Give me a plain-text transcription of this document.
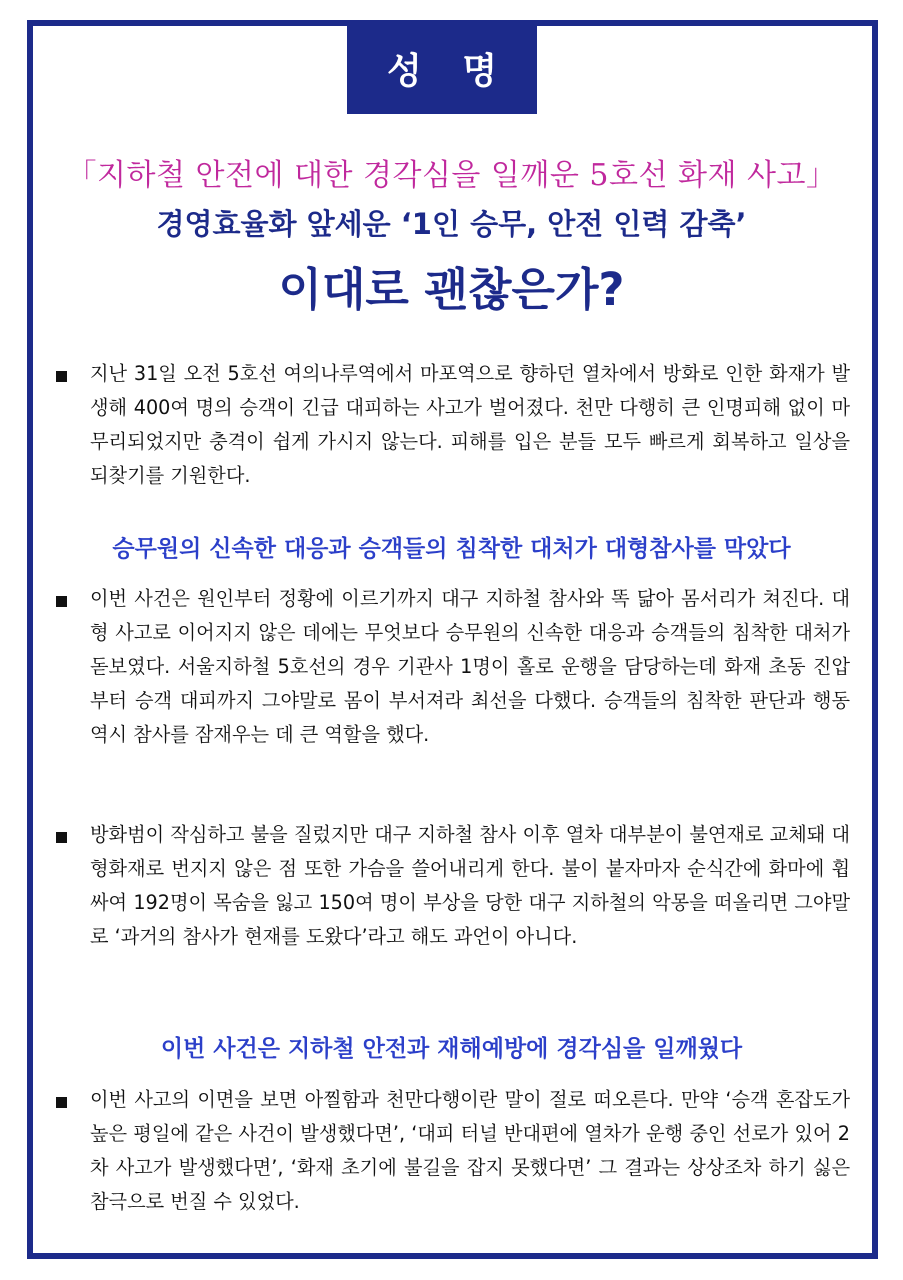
성 명
「지하철 안전에 대한 경각심을 일깨운 5호선 화재 사고」
경영효율화 앞세운 ‘1인 승무, 안전 인력 감축’
이대로 괜찮은가?
지난 31일 오전 5호선 여의나루역에서 마포역으로 향하던 열차에서 방화로 인한 화재가 발생해 400여 명의 승객이 긴급 대피하는 사고가 벌어졌다. 천만 다행히 큰 인명피해 없이 마무리되었지만 충격이 쉽게 가시지 않는다. 피해를 입은 분들 모두 빠르게 회복하고 일상을 되찾기를 기원한다.
승무원의 신속한 대응과 승객들의 침착한 대처가 대형참사를 막았다
이번 사건은 원인부터 정황에 이르기까지 대구 지하철 참사와 똑 닮아 몸서리가 쳐진다. 대형 사고로 이어지지 않은 데에는 무엇보다 승무원의 신속한 대응과 승객들의 침착한 대처가 돋보였다. 서울지하철 5호선의 경우 기관사 1명이 홀로 운행을 담당하는데 화재 초동 진압부터 승객 대피까지 그야말로 몸이 부서져라 최선을 다했다. 승객들의 침착한 판단과 행동 역시 참사를 잠재우는 데 큰 역할을 했다.
방화범이 작심하고 불을 질렀지만 대구 지하철 참사 이후 열차 대부분이 불연재로 교체돼 대형화재로 번지지 않은 점 또한 가슴을 쓸어내리게 한다. 불이 붙자마자 순식간에 화마에 휩싸여 192명이 목숨을 잃고 150여 명이 부상을 당한 대구 지하철의 악몽을 떠올리면 그야말로 ‘과거의 참사가 현재를 도왔다’라고 해도 과언이 아니다.
이번 사건은 지하철 안전과 재해예방에 경각심을 일깨웠다
이번 사고의 이면을 보면 아찔함과 천만다행이란 말이 절로 떠오른다. 만약 ‘승객 혼잡도가 높은 평일에 같은 사건이 발생했다면’, ‘대피 터널 반대편에 열차가 운행 중인 선로가 있어 2차 사고가 발생했다면’, ‘화재 초기에 불길을 잡지 못했다면’ 그 결과는 상상조차 하기 싫은 참극으로 번질 수 있었다.
